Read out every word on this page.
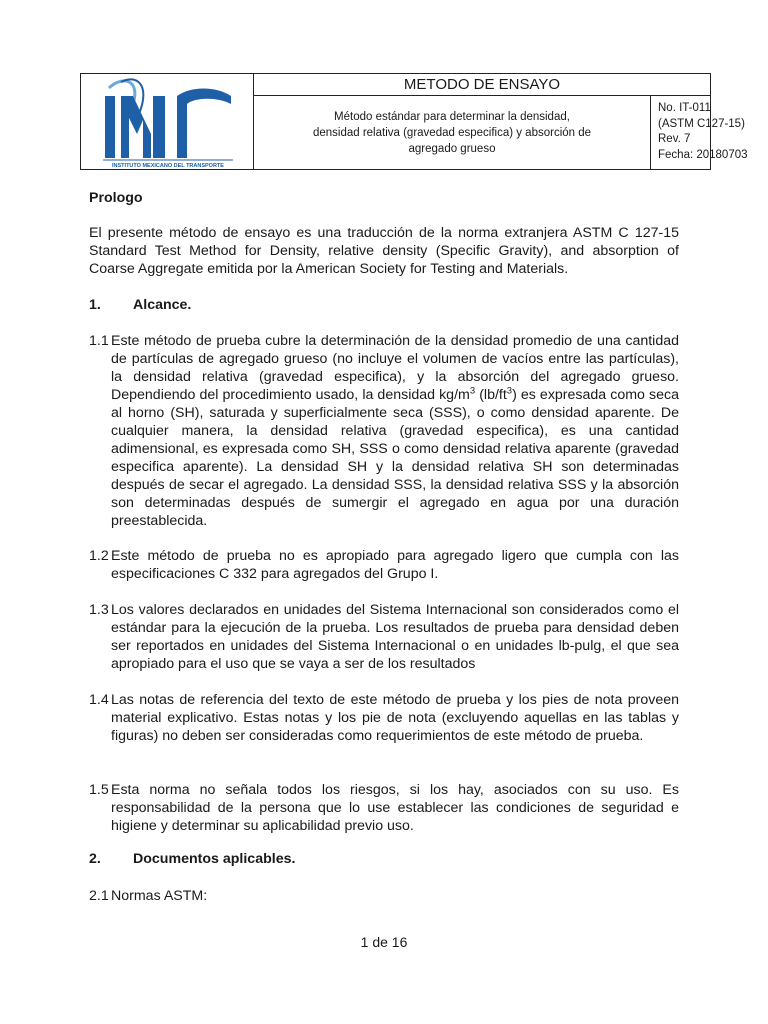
INSTITUTO MEXICANO DEL TRANSPORTE
METODO DE ENSAYO
Método estándar para determinar la densidad,
densidad relativa (gravedad especifica) y absorción de
agregado grueso
No. IT-011
(ASTM C127-15)
Rev. 7
Fecha: 20180703
Prologo
El presente método de ensayo es una traducción de la norma extranjera ASTM C 127-15 Standard Test Method for Density, relative density (Specific Gravity), and absorption of Coarse Aggregate emitida por la American Society for Testing and Materials.
1. Alcance.
1.1 Este método de prueba cubre la determinación de la densidad promedio de una cantidad de partículas de agregado grueso (no incluye el volumen de vacíos entre las partículas), la densidad relativa (gravedad especifica), y la absorción del agregado grueso. Dependiendo del procedimiento usado, la densidad $kg/m^3$ $(lb/ft^3)$ es expresada como seca al horno (SH), saturada y superficialmente seca (SSS), o como densidad aparente. De cualquier manera, la densidad relativa (gravedad especifica), es una cantidad adimensional, es expresada como SH, SSS o como densidad relativa aparente (gravedad especifica aparente). La densidad SH y la densidad relativa SH son determinadas después de secar el agregado. La densidad SSS, la densidad relativa SSS y la absorción son determinadas después de sumergir el agregado en agua por una duración preestablecida.
1.2 Este método de prueba no es apropiado para agregado ligero que cumpla con las especificaciones C 332 para agregados del Grupo I.
1.3 Los valores declarados en unidades del Sistema Internacional son considerados como el estándar para la ejecución de la prueba. Los resultados de prueba para densidad deben ser reportados en unidades del Sistema Internacional o en unidades lb-pulg, el que sea apropiado para el uso que se vaya a ser de los resultados
1.4 Las notas de referencia del texto de este método de prueba y los pies de nota proveen material explicativo. Estas notas y los pie de nota (excluyendo aquellas en las tablas y figuras) no deben ser consideradas como requerimientos de este método de prueba.
1.5 Esta norma no señala todos los riesgos, si los hay, asociados con su uso. Es responsabilidad de la persona que lo use establecer las condiciones de seguridad e higiene y determinar su aplicabilidad previo uso.
2. Documentos aplicables.
2.1 Normas ASTM:
1 de 16
